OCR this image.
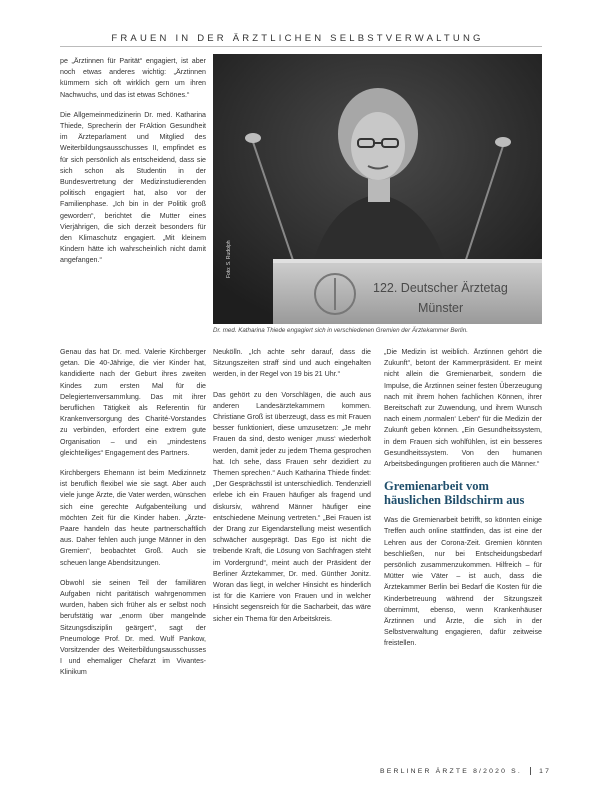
FRAUEN IN DER ÄRZTLICHEN SELBSTVERWALTUNG
122. Deutscher Ärztetag
Münster
Foto: S. Rudolph
Dr. med. Katharina Thiede engagiert sich in verschiedenen Gremien der Ärztekammer Berlin.

pe „Ärztinnen für Parität“ engagiert, ist aber noch etwas anderes wichtig: „Ärztinnen kümmern sich oft wirklich gern um ihren Nachwuchs, und das ist etwas Schönes.“

Die Allgemeinmedizinerin Dr. med. Katharina Thiede, Sprecherin der FrAktion Gesundheit im Ärzteparlament und Mitglied des Weiterbildungsausschusses II, empfindet es für sich persönlich als entscheidend, dass sie sich schon als Studentin in der Bundesvertretung der Medizinstudierenden politisch engagiert hat, also vor der Familienphase. „Ich bin in der Politik groß geworden“, berichtet die Mutter eines Vierjährigen, die sich derzeit besonders für den Klimaschutz engagiert. „Mit kleinem Kindern hätte ich wahrscheinlich nicht damit angefangen.“

Genau das hat Dr. med. Valerie Kirchberger getan. Die 40-Jährige, die vier Kinder hat, kandidierte nach der Geburt ihres zweiten Kindes zum ersten Mal für die Delegiertenversammlung. Das mit ihrer beruflichen Tätigkeit als Referentin für Krankenversorgung des Charité-Vorstandes zu verbinden, erfordert eine extrem gute Organisation – und ein „mindestens gleichteiliges“ Engagement des Partners.

Kirchbergers Ehemann ist beim Medizinnetz ist beruflich flexibel wie sie sagt. Aber auch viele junge Ärzte, die Vater werden, wünschen sich eine gerechte Aufgabenteilung und möchten Zeit für die Kinder haben. „Ärzte-Paare handeln das heute partnerschaftlich aus. Daher fehlen auch junge Männer in den Gremien“, beobachtet Groß. Auch sie scheuen lange Abendsitzungen.

Obwohl sie seinen Teil der familiären Aufgaben nicht paritätisch wahrgenommen wurden, haben sich früher als er selbst noch berufstätig war „enorm über mangelnde Sitzungsdisziplin geärgert“, sagt der Pneumologe Prof. Dr. med. Wulf Pankow, Vorsitzender des Weiterbildungsausschusses I und ehemaliger Chefarzt im Vivantes-Klinikum

Neukölln. „Ich achte sehr darauf, dass die Sitzungszeiten straff sind und auch eingehalten werden, in der Regel von 19 bis 21 Uhr.“

Das gehört zu den Vorschlägen, die auch aus anderen Landesärztekammern kommen. Christiane Groß ist überzeugt, dass es mit Frauen besser funktioniert, diese umzusetzen: „Je mehr Frauen da sind, desto weniger ‚muss‘ wiederholt werden, damit jeder zu jedem Thema gesprochen hat. Ich sehe, dass Frauen sehr dezidiert zu Themen sprechen.“ Auch Katharina Thiede findet: „Der Gesprächsstil ist unterschiedlich. Tendenziell erlebe ich ein Frauen häufiger als fragend und diskursiv, während Männer häufiger eine entschiedene Meinung vertreten.“ „Bei Frauen ist der Drang zur Eigendarstellung meist wesentlich schwächer ausgeprägt. Das Ego ist nicht die treibende Kraft, die Lösung von Sachfragen steht im Vordergrund“, meint auch der Präsident der Berliner Ärztekammer, Dr. med. Günther Jonitz. Woran das liegt, in welcher Hinsicht es hinderlich ist für die Karriere von Frauen und in welcher Hinsicht segensreich für die Sacharbeit, das wäre sicher ein Thema für den Arbeitskreis.

„Die Medizin ist weiblich. Ärztinnen gehört die Zukunft“, betont der Kammerpräsident. Er meint nicht allein die Gremienarbeit, sondern die Impulse, die Ärztinnen seiner festen Überzeugung nach mit ihrem hohen fachlichen Können, ihrer Bereitschaft zur Zuwendung, und ihrem Wunsch nach einem ‚normalen‘ Leben“ für die Medizin der Zukunft geben können. „Ein Gesundheitssystem, in dem Frauen sich wohlfühlen, ist ein besseres Gesundheitssystem. Von den humanen Arbeitsbedingungen profitieren auch die Männer.“

Gremienarbeit vom häuslichen Bildschirm aus

Was die Gremienarbeit betrifft, so könnten einige Treffen auch online stattfinden, das ist eine der Lehren aus der Corona-Zeit. Gremien könnten beschließen, nur bei Entscheidungsbedarf persönlich zusammenzukommen. Hilfreich – für Mütter wie Väter – ist auch, dass die Ärztekammer Berlin bei Bedarf die Kosten für die Kinderbetreuung während der Sitzungszeit übernimmt, ebenso, wenn Krankenhäuser Ärztinnen und Ärzte, die sich in der Selbstverwaltung engagieren, dafür zeitweise freistellen.

BERLINER ÄRZTE 8/2020 S.	17
